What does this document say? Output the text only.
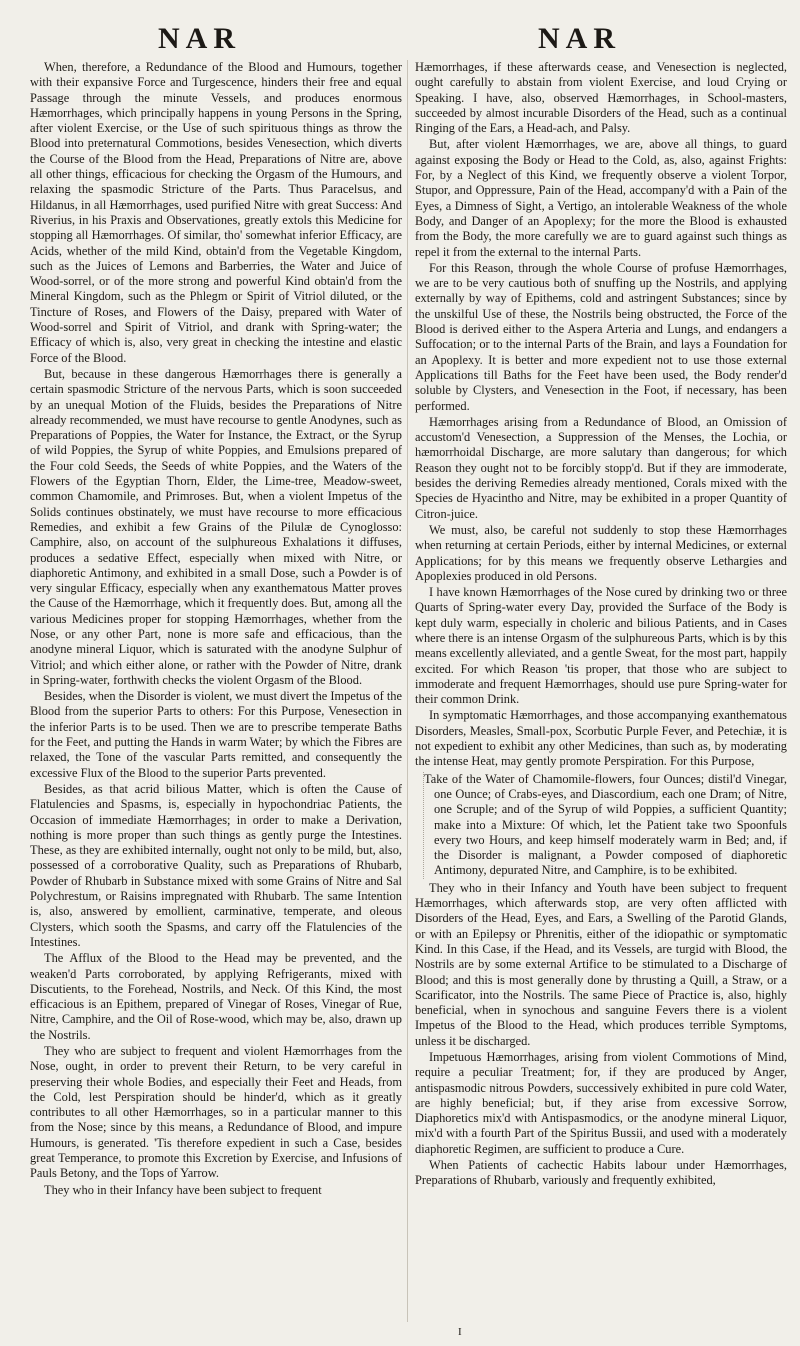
NAR	NAR

When, therefore, a Redundance of the Blood and Humours, together with their expansive Force and Turgescence, hinders their free and equal Passage through the minute Vessels, and produces enormous Hæmorrhages, which principally happens in young Persons in the Spring, after violent Exercise, or the Use of such spirituous things as throw the Blood into preternatural Commotions, besides Venesection, which diverts the Course of the Blood from the Head, Preparations of Nitre are, above all other things, efficacious for checking the Orgasm of the Humours, and relaxing the spasmodic Stricture of the Parts. Thus Paracelsus, and Hildanus, in all Hæmorrhages, used purified Nitre with great Success: And Riverius, in his Praxis and Observationes, greatly extols this Medicine for stopping all Hæmorrhages. Of similar, tho' somewhat inferior Efficacy, are Acids, whether of the mild Kind, obtain'd from the Vegetable Kingdom, such as the Juices of Lemons and Barberries, the Water and Juice of Wood-sorrel, or of the more strong and powerful Kind obtain'd from the Mineral Kingdom, such as the Phlegm or Spirit of Vitriol diluted, or the Tincture of Roses, and Flowers of the Daisy, prepared with Water of Wood-sorrel and Spirit of Vitriol, and drank with Spring-water; the Efficacy of which is, also, very great in checking the intestine and elastic Force of the Blood.

But, because in these dangerous Hæmorrhages there is generally a certain spasmodic Stricture of the nervous Parts, which is soon succeeded by an unequal Motion of the Fluids, besides the Preparations of Nitre already recommended, we must have recourse to gentle Anodynes, such as Preparations of Poppies, the Water for Instance, the Extract, or the Syrup of wild Poppies, the Syrup of white Poppies, and Emulsions prepared of the Four cold Seeds, the Seeds of white Poppies, and the Waters of the Flowers of the Egyptian Thorn, Elder, the Lime-tree, Meadow-sweet, common Chamomile, and Primroses. But, when a violent Impetus of the Solids continues obstinately, we must have recourse to more efficacious Remedies, and exhibit a few Grains of the Pilulæ de Cynoglosso: Camphire, also, on account of the sulphureous Exhalations it diffuses, produces a sedative Effect, especially when mixed with Nitre, or diaphoretic Antimony, and exhibited in a small Dose, such a Powder is of very singular Efficacy, especially when any exanthematous Matter proves the Cause of the Hæmorrhage, which it frequently does. But, among all the various Medicines proper for stopping Hæmorrhages, whether from the Nose, or any other Part, none is more safe and efficacious, than the anodyne mineral Liquor, which is saturated with the anodyne Sulphur of Vitriol; and which either alone, or rather with the Powder of Nitre, drank in Spring-water, forthwith checks the violent Orgasm of the Blood.

Besides, when the Disorder is violent, we must divert the Impetus of the Blood from the superior Parts to others: For this Purpose, Venesection in the inferior Parts is to be used. Then we are to prescribe temperate Baths for the Feet, and putting the Hands in warm Water; by which the Fibres are relaxed, the Tone of the vascular Parts remitted, and consequently the excessive Flux of the Blood to the superior Parts prevented.

Besides, as that acrid bilious Matter, which is often the Cause of Flatulencies and Spasms, is, especially in hypochondriac Patients, the Occasion of immediate Hæmorrhages; in order to make a Derivation, nothing is more proper than such things as gently purge the Intestines. These, as they are exhibited internally, ought not only to be mild, but, also, possessed of a corroborative Quality, such as Preparations of Rhubarb, Powder of Rhubarb in Substance mixed with some Grains of Nitre and Sal Polychrestum, or Raisins impregnated with Rhubarb. The same Intention is, also, answered by emollient, carminative, temperate, and oleous Clysters, which sooth the Spasms, and carry off the Flatulencies of the Intestines.

The Afflux of the Blood to the Head may be prevented, and the weaken'd Parts corroborated, by applying Refrigerants, mixed with Discutients, to the Forehead, Nostrils, and Neck. Of this Kind, the most efficacious is an Epithem, prepared of Vinegar of Roses, Vinegar of Rue, Nitre, Camphire, and the Oil of Rose-wood, which may be, also, drawn up the Nostrils.

They who are subject to frequent and violent Hæmorrhages from the Nose, ought, in order to prevent their Return, to be very careful in preserving their whole Bodies, and especially their Feet and Heads, from the Cold, lest Perspiration should be hinder'd, which as it greatly contributes to all other Hæmorrhages, so in a particular manner to this from the Nose; since by this means, a Redundance of Blood, and impure Humours, is generated. 'Tis therefore expedient in such a Case, besides great Temperance, to promote this Excretion by Exercise, and Infusions of Pauls Betony, and the Tops of Yarrow.

They who in their Infancy have been subject to frequent

Hæmorrhages, if these afterwards cease, and Venesection is neglected, ought carefully to abstain from violent Exercise, and loud Crying or Speaking. I have, also, observed Hæmorrhages, in School-masters, succeeded by almost incurable Disorders of the Head, such as a continual Ringing of the Ears, a Head-ach, and Palsy.

But, after violent Hæmorrhages, we are, above all things, to guard against exposing the Body or Head to the Cold, as, also, against Frights: For, by a Neglect of this Kind, we frequently observe a violent Torpor, Stupor, and Oppressure, Pain of the Head, accompany'd with a Pain of the Eyes, a Dimness of Sight, a Vertigo, an intolerable Weakness of the whole Body, and Danger of an Apoplexy; for the more the Blood is exhausted from the Body, the more carefully we are to guard against such things as repel it from the external to the internal Parts.

For this Reason, through the whole Course of profuse Hæmorrhages, we are to be very cautious both of snuffing up the Nostrils, and applying externally by way of Epithems, cold and astringent Substances; since by the unskilful Use of these, the Nostrils being obstructed, the Force of the Blood is derived either to the Aspera Arteria and Lungs, and endangers a Suffocation; or to the internal Parts of the Brain, and lays a Foundation for an Apoplexy. It is better and more expedient not to use those external Applications till Baths for the Feet have been used, the Body render'd soluble by Clysters, and Venesection in the Foot, if necessary, has been performed.

Hæmorrhages arising from a Redundance of Blood, an Omission of accustom'd Venesection, a Suppression of the Menses, the Lochia, or hæmorrhoidal Discharge, are more salutary than dangerous; for which Reason they ought not to be forcibly stopp'd. But if they are immoderate, besides the deriving Remedies already mentioned, Corals mixed with the Species de Hyacintho and Nitre, may be exhibited in a proper Quantity of Citron-juice.

We must, also, be careful not suddenly to stop these Hæmorrhages when returning at certain Periods, either by internal Medicines, or external Applications; for by this means we frequently observe Lethargies and Apoplexies produced in old Persons.

I have known Hæmorrhages of the Nose cured by drinking two or three Quarts of Spring-water every Day, provided the Surface of the Body is kept duly warm, especially in choleric and bilious Patients, and in Cases where there is an intense Orgasm of the sulphureous Parts, which is by this means excellently alleviated, and a gentle Sweat, for the most part, happily excited. For which Reason 'tis proper, that those who are subject to immoderate and frequent Hæmorrhages, should use pure Spring-water for their common Drink.

In symptomatic Hæmorrhages, and those accompanying exanthematous Disorders, Measles, Small-pox, Scorbutic Purple Fever, and Petechiæ, it is not expedient to exhibit any other Medicines, than such as, by moderating the intense Heat, may gently promote Perspiration. For this Purpose,

Take of the Water of Chamomile-flowers, four Ounces; distil'd Vinegar, one Ounce; of Crabs-eyes, and Diascordium, each one Dram; of Nitre, one Scruple; and of the Syrup of wild Poppies, a sufficient Quantity; make into a Mixture: Of which, let the Patient take two Spoonfuls every two Hours, and keep himself moderately warm in Bed; and, if the Disorder is malignant, a Powder composed of diaphoretic Antimony, depurated Nitre, and Camphire, is to be exhibited.

They who in their Infancy and Youth have been subject to frequent Hæmorrhages, which afterwards stop, are very often afflicted with Disorders of the Head, Eyes, and Ears, a Swelling of the Parotid Glands, or with an Epilepsy or Phrenitis, either of the idiopathic or symptomatic Kind. In this Case, if the Head, and its Vessels, are turgid with Blood, the Nostrils are by some external Artifice to be stimulated to a Discharge of Blood; and this is most generally done by thrusting a Quill, a Straw, or a Scarificator, into the Nostrils. The same Piece of Practice is, also, highly beneficial, when in synochous and sanguine Fevers there is a violent Impetus of the Blood to the Head, which produces terrible Symptoms, unless it be discharged.

Impetuous Hæmorrhages, arising from violent Commotions of Mind, require a peculiar Treatment; for, if they are produced by Anger, antispasmodic nitrous Powders, successively exhibited in pure cold Water, are highly beneficial; but, if they arise from excessive Sorrow, Diaphoretics mix'd with Antispasmodics, or the anodyne mineral Liquor, mix'd with a fourth Part of the Spiritus Bussii, and used with a moderately diaphoretic Regimen, are sufficient to produce a Cure.

When Patients of cachectic Habits labour under Hæmorrhages, Preparations of Rhubarb, variously and frequently exhibited,

I
